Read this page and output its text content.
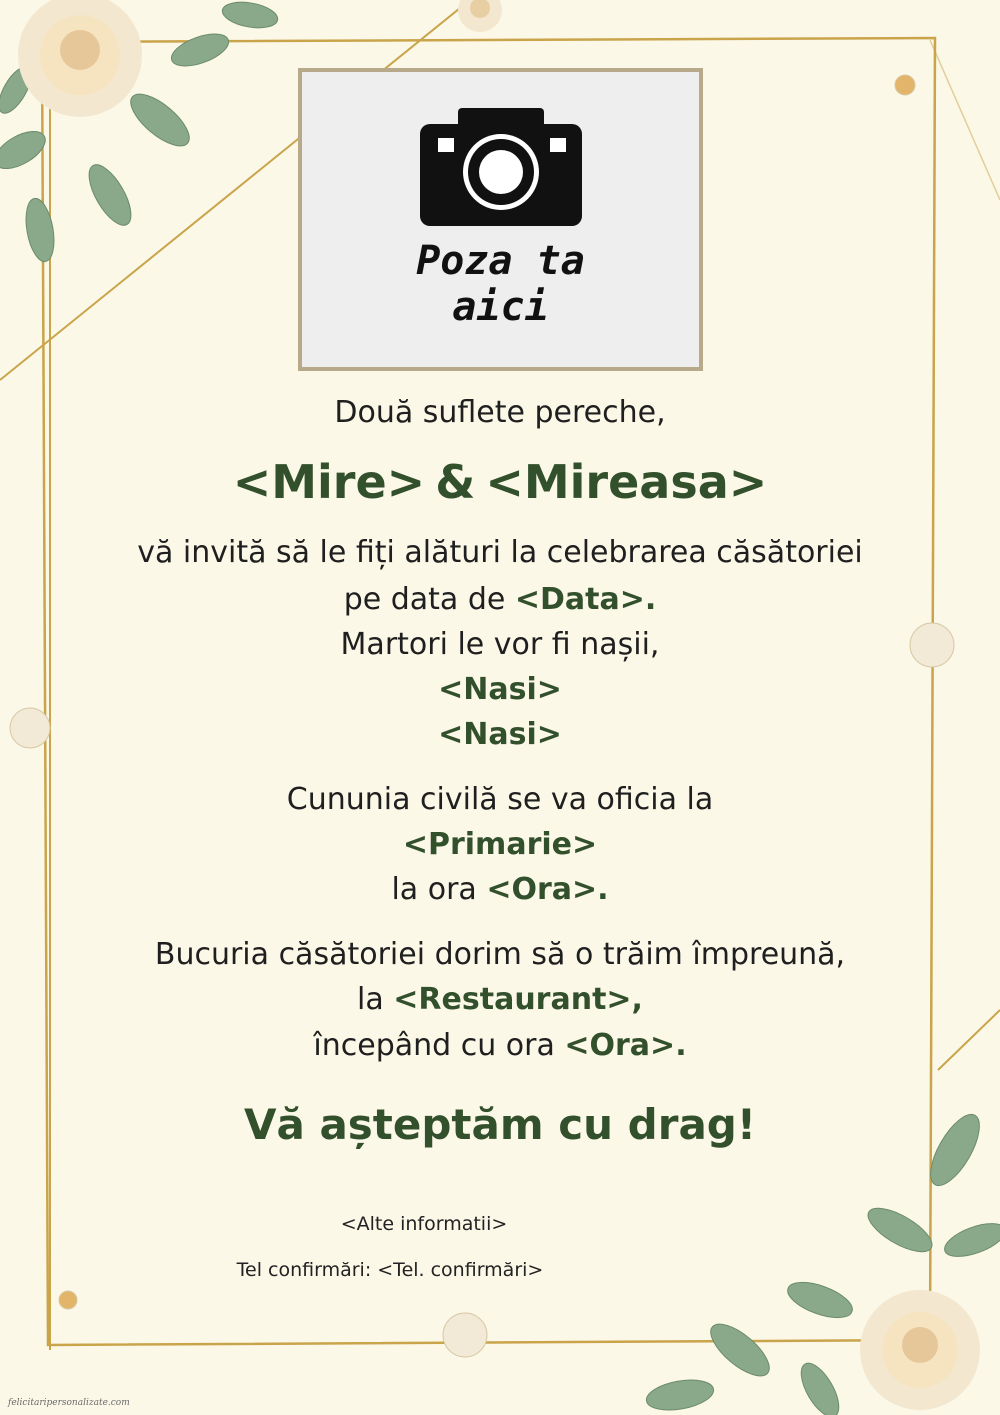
Poza ta
aici
Două suflete pereche,
<Mire> & <Mireasa>
vă invită să le fiți alături la celebrarea căsătoriei
pe data de <Data>.
Martori le vor fi nașii,
<Nasi>
<Nasi>
Cununia civilă se va oficia la
<Primarie>
la ora <Ora>.
Bucuria căsătoriei dorim să o trăim împreună,
la <Restaurant>,
începând cu ora <Ora>.
Vă așteptăm cu drag!
<Alte informatii>
Tel confirmări: <Tel. confirmări>
felicitaripersonalizate.com
